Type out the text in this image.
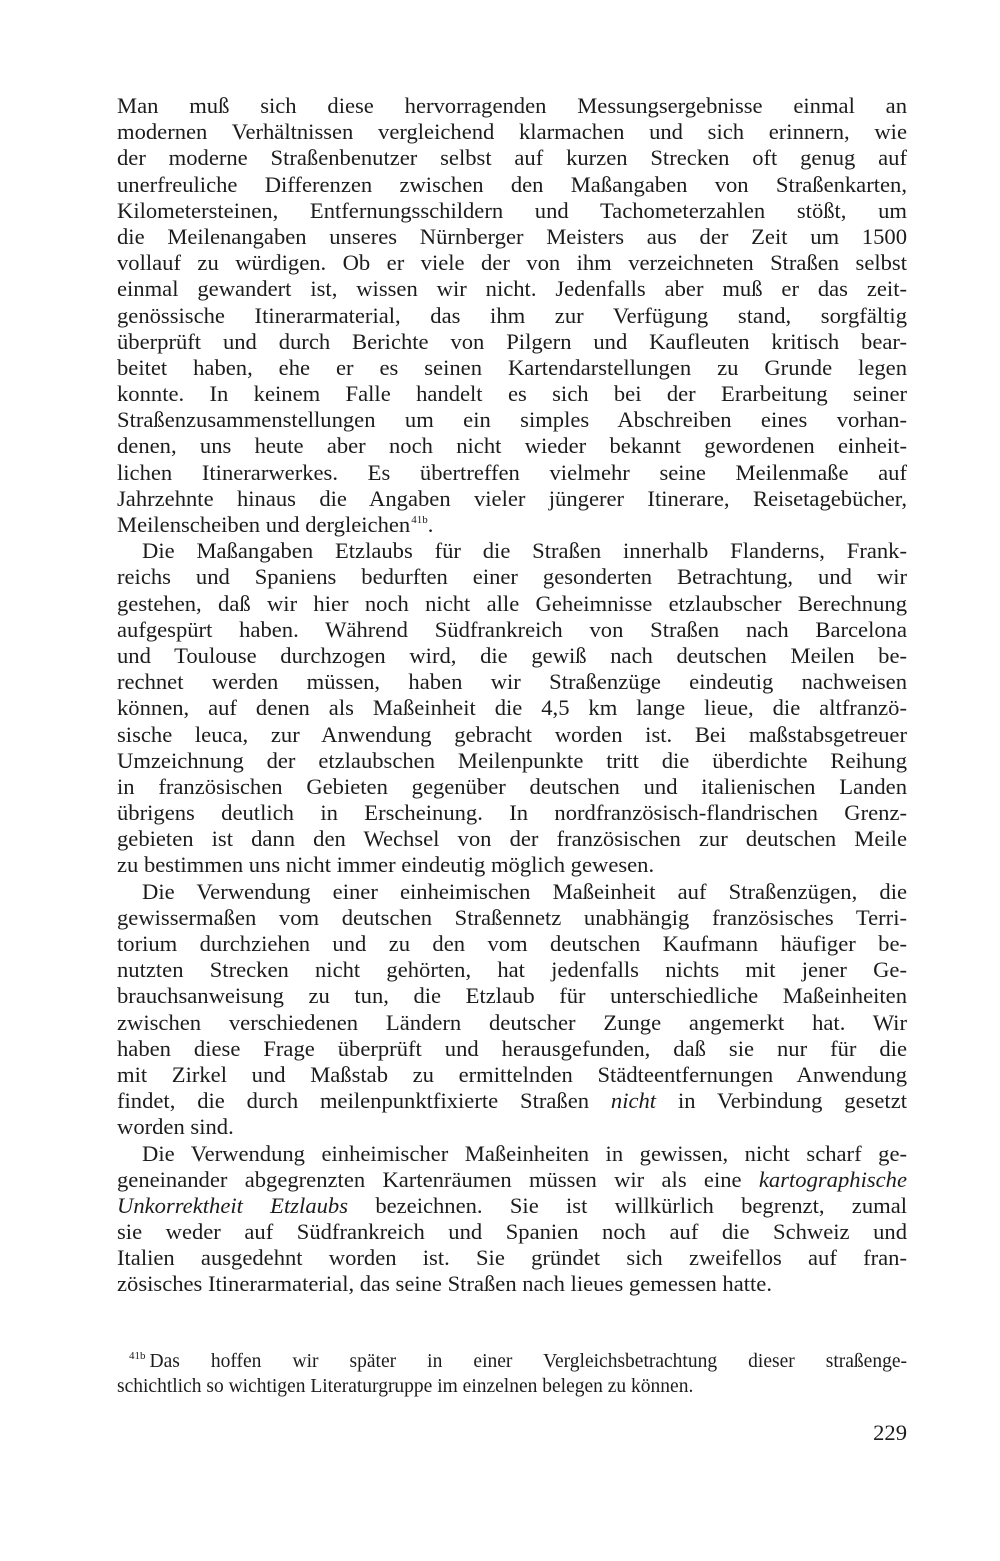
Man muß sich diese hervorragenden Messungsergebnisse einmal an
modernen Verhältnissen vergleichend klarmachen und sich erinnern, wie
der moderne Straßenbenutzer selbst auf kurzen Strecken oft genug auf
unerfreuliche Differenzen zwischen den Maßangaben von Straßenkarten,
Kilometersteinen, Entfernungsschildern und Tachometerzahlen stößt, um
die Meilenangaben unseres Nürnberger Meisters aus der Zeit um 1500
vollauf zu würdigen. Ob er viele der von ihm verzeichneten Straßen selbst
einmal gewandert ist, wissen wir nicht. Jedenfalls aber muß er das zeit-
genössische Itinerarmaterial, das ihm zur Verfügung stand, sorgfältig
überprüft und durch Berichte von Pilgern und Kaufleuten kritisch bear-
beitet haben, ehe er es seinen Kartendarstellungen zu Grunde legen
konnte. In keinem Falle handelt es sich bei der Erarbeitung seiner
Straßenzusammenstellungen um ein simples Abschreiben eines vorhan-
denen, uns heute aber noch nicht wieder bekannt gewordenen einheit-
lichen Itinerarwerkes. Es übertreffen vielmehr seine Meilenmaße auf
Jahrzehnte hinaus die Angaben vieler jüngerer Itinerare, Reisetagebücher,
Meilenscheiben und dergleichen$^{41b}$.
Die Maßangaben Etzlaubs für die Straßen innerhalb Flanderns, Frank-
reichs und Spaniens bedurften einer gesonderten Betrachtung, und wir
gestehen, daß wir hier noch nicht alle Geheimnisse etzlaubscher Berechnung
aufgespürt haben. Während Südfrankreich von Straßen nach Barcelona
und Toulouse durchzogen wird, die gewiß nach deutschen Meilen be-
rechnet werden müssen, haben wir Straßenzüge eindeutig nachweisen
können, auf denen als Maßeinheit die 4,5 km lange lieue, die altfranzö-
sische leuca, zur Anwendung gebracht worden ist. Bei maßstabsgetreuer
Umzeichnung der etzlaubschen Meilenpunkte tritt die überdichte Reihung
in französischen Gebieten gegenüber deutschen und italienischen Landen
übrigens deutlich in Erscheinung. In nordfranzösisch-flandrischen Grenz-
gebieten ist dann den Wechsel von der französischen zur deutschen Meile
zu bestimmen uns nicht immer eindeutig möglich gewesen.
Die Verwendung einer einheimischen Maßeinheit auf Straßenzügen, die
gewissermaßen vom deutschen Straßennetz unabhängig französisches Terri-
torium durchziehen und zu den vom deutschen Kaufmann häufiger be-
nutzten Strecken nicht gehörten, hat jedenfalls nichts mit jener Ge-
brauchsanweisung zu tun, die Etzlaub für unterschiedliche Maßeinheiten
zwischen verschiedenen Ländern deutscher Zunge angemerkt hat. Wir
haben diese Frage überprüft und herausgefunden, daß sie nur für die
mit Zirkel und Maßstab zu ermittelnden Städteentfernungen Anwendung
findet, die durch meilenpunktfixierte Straßen nicht in Verbindung gesetzt
worden sind.
Die Verwendung einheimischer Maßeinheiten in gewissen, nicht scharf ge-
geneinander abgegrenzten Kartenräumen müssen wir als eine kartographische
Unkorrektheit Etzlaubs bezeichnen. Sie ist willkürlich begrenzt, zumal
sie weder auf Südfrankreich und Spanien noch auf die Schweiz und
Italien ausgedehnt worden ist. Sie gründet sich zweifellos auf fran-
zösisches Itinerarmaterial, das seine Straßen nach lieues gemessen hatte.
$^{41b}$ Das hoffen wir später in einer Vergleichsbetrachtung dieser straßenge-
schichtlich so wichtigen Literaturgruppe im einzelnen belegen zu können.
229
